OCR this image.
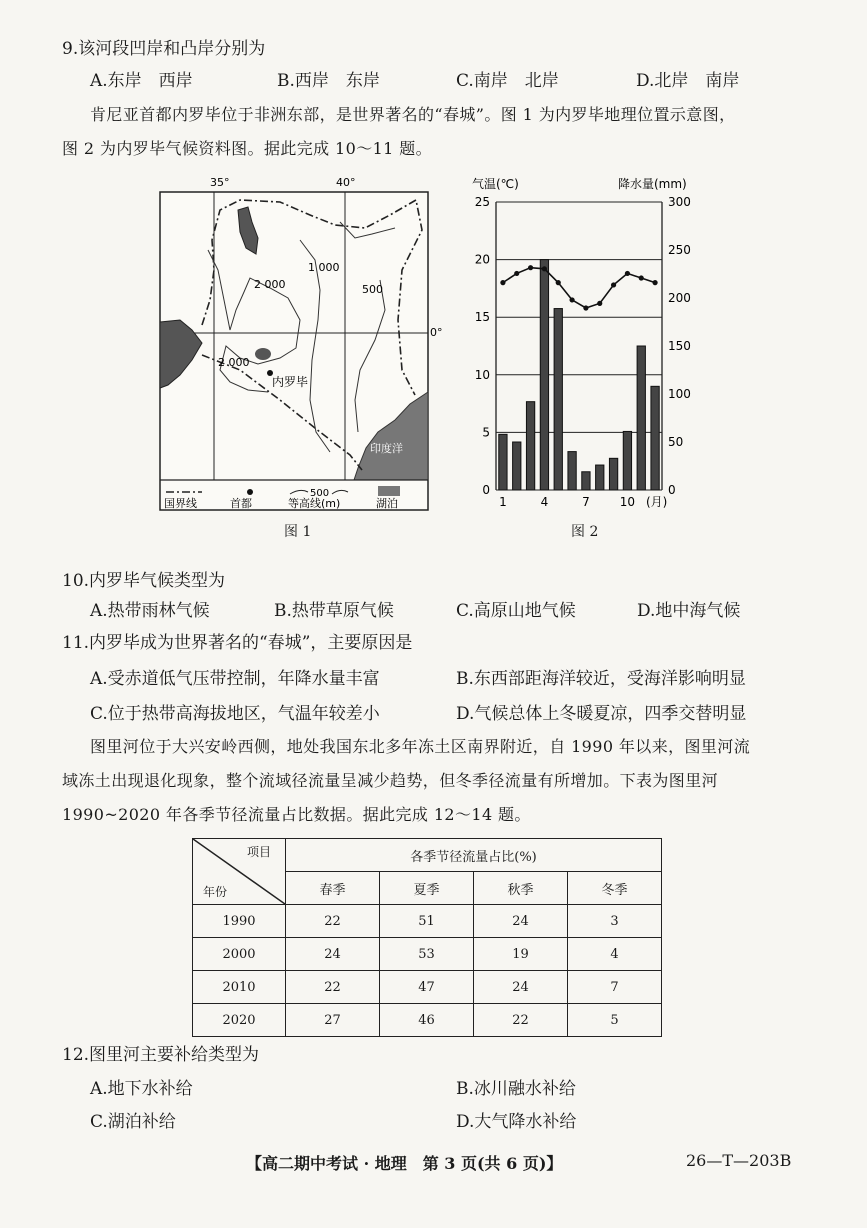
9.该河段凹岸和凸岸分别为
A.东岸　西岸	B.西岸　东岸	C.南岸　北岸	D.北岸　南岸
肯尼亚首都内罗毕位于非洲东部，是世界著名的“春城”。图 1 为内罗毕地理位置示意图，
图 2 为内罗毕气候资料图。据此完成 10～11 题。
35°	40°
0°
印度洋
2 000
1 000
500
2 000
内罗毕
国界线	首都
500
等高线(m)	湖泊
图 1
气温(℃)	降水量(mm)
0
5
10
15
20
25
0
50
100
150
200
250
300
1	4	7	10 (月)
图 2
10.内罗毕气候类型为
A.热带雨林气候	B.热带草原气候	C.高原山地气候	D.地中海气候
11.内罗毕成为世界著名的“春城”，主要原因是
A.受赤道低气压带控制，年降水量丰富	B.东西部距海洋较近，受海洋影响明显
C.位于热带高海拔地区，气温年较差小	D.气候总体上冬暖夏凉，四季交替明显
图里河位于大兴安岭西侧，地处我国东北多年冻土区南界附近，自 1990 年以来，图里河流
域冻土出现退化现象，整个流域径流量呈减少趋势，但冬季径流量有所增加。下表为图里河
1990~2020 年各季节径流量占比数据。据此完成 12～14 题。
项目
年份	各季节径流量占比(%)			
	春季	夏季	秋季	冬季
1990	22	51	24	3
2000	24	53	19	4
2010	22	47	24	7
2020	27	46	22	5
12.图里河主要补给类型为
A.地下水补给	B.冰川融水补给
C.湖泊补给	D.大气降水补给
【高二期中考试 · 地理　第 3 页(共 6 页)】	26—T—203B
